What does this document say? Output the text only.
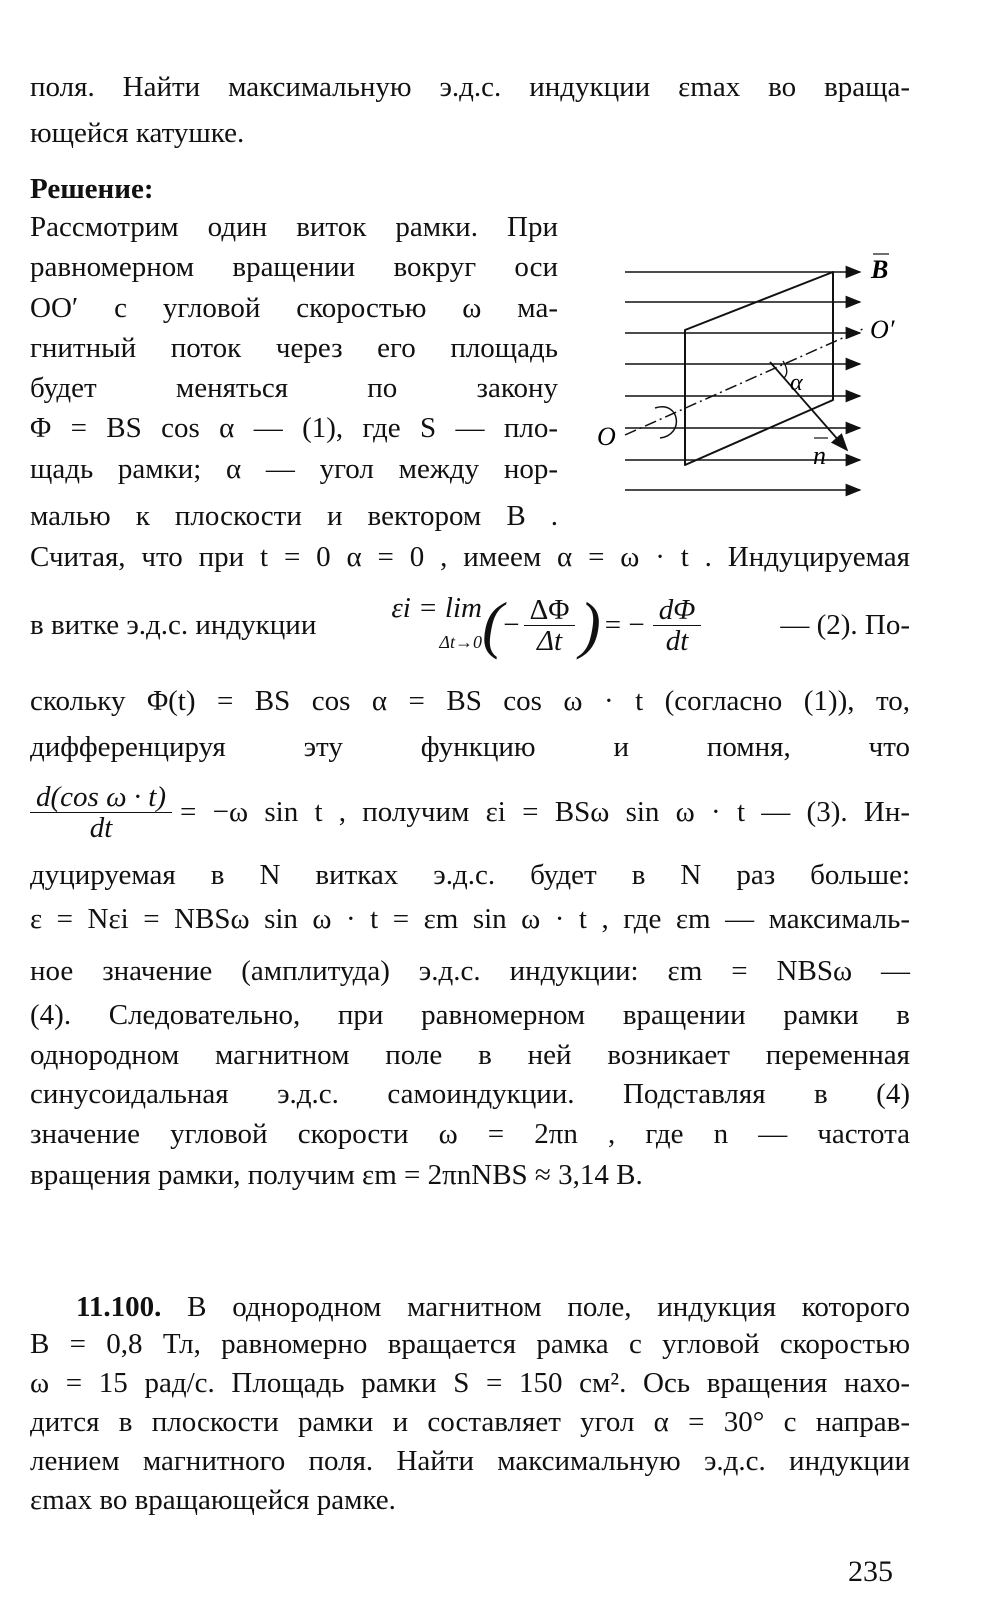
поля. Найти максимальную э.д.с. индукции εmax во враща-
ющейся катушке.
Решение:
Рассмотрим один виток рамки. При
равномерном вращении вокруг оси
OO′ с угловой скоростью ω ма-
гнитный поток через его площадь
будет меняться по закону
Φ = BS cos α — (1), где S — пло-
щадь рамки; α — угол между нор-
малью к плоскости и вектором B .
O
O′
B
α
n
Считая, что при t = 0 α = 0 , имеем α = ω · t . Индуцируемая
в витке э.д.с. индукции
εi = lim
Δt→0 ( − $\frac{\Delta\Phi}{\Delta t}$ ) = − $\frac{d\Phi}{dt}$	— (2). По-
скольку Φ(t) = BS cos α = BS cos ω · t (согласно (1)), то,
дифференцируя эту функцию и помня, что
$\frac{\text{d(cos ω · t)}}{dt} = -\omega$ sin t , получим εi = BSω sin ω · t — (3). Ин-
дуцируемая в N витках э.д.с. будет в N раз больше:
ε = Nεi = NBSω sin ω · t = εm sin ω · t , где εm — максималь-
ное значение (амплитуда) э.д.с. индукции: εm = NBSω —
(4). Следовательно, при равномерном вращении рамки в
однородном магнитном поле в ней возникает переменная
синусоидальная э.д.с. самоиндукции. Подставляя в (4)
значение угловой скорости ω = 2πn , где n — частота
вращения рамки, получим εm = 2πnNBS ≈ 3,14 В.
11.100. В однородном магнитном поле, индукция которого
B = 0,8 Тл, равномерно вращается рамка с угловой скоростью
ω = 15 рад/с. Площадь рамки S = 150 см². Ось вращения нахо-
дится в плоскости рамки и составляет угол α = 30° с направ-
лением магнитного поля. Найти максимальную э.д.с. индукции
εmax во вращающейся рамке.
235
